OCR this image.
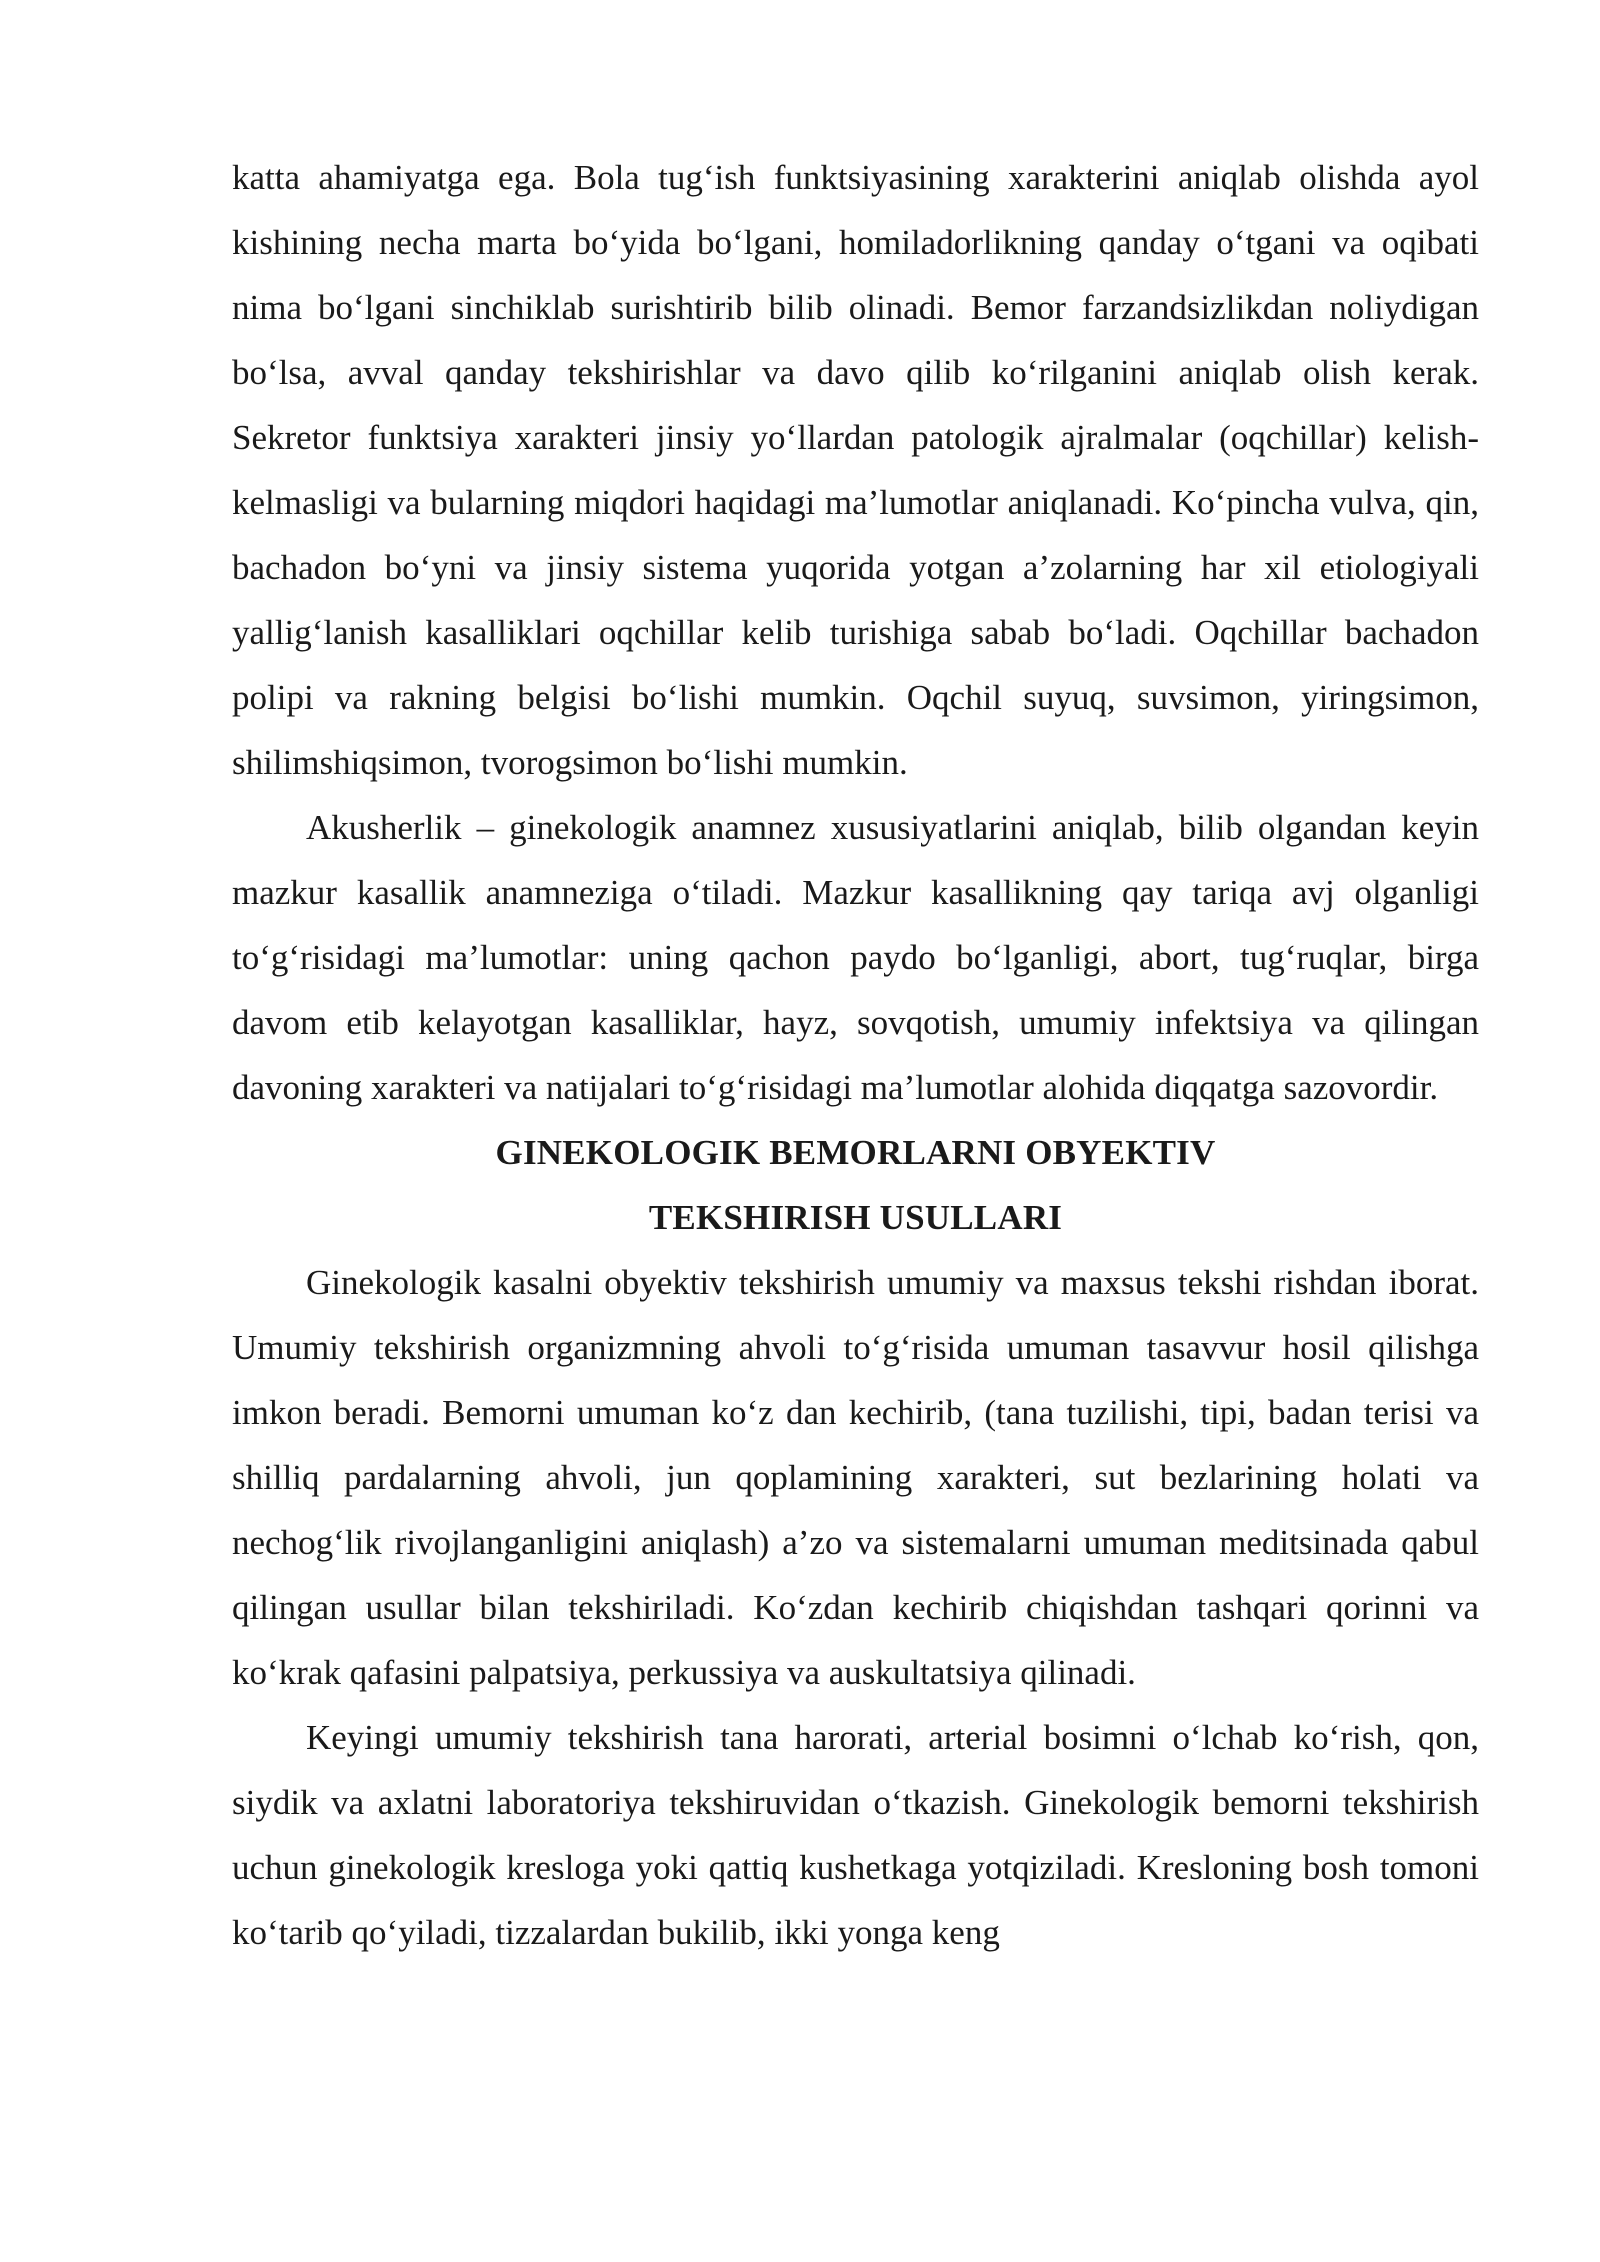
katta ahamiyatga ega. Bola tug‘ish funktsiyasining xarakterini aniqlab olishda ayol kishining necha marta bo‘yida bo‘lgani, homiladorlikning qanday o‘tgani va oqibati nima bo‘lgani sinchiklab surishtirib bilib olinadi. Bemor farzandsizlikdan noliydigan bo‘lsa, avval qanday tekshirishlar va davo qilib ko‘rilganini aniqlab olish kerak. Sekretor funktsiya xarakteri jinsiy yo‘llardan patologik ajralmalar (oqchillar) kelish-kelmasligi va bularning miqdori haqidagi ma’lumotlar aniqlanadi. Ko‘pincha vulva, qin, bachadon bo‘yni va jinsiy sistema yuqorida yotgan a’zolarning har xil etiologiyali yallig‘lanish kasalliklari oqchillar kelib turishiga sabab bo‘ladi. Oqchillar bachadon polipi va rakning belgisi bo‘lishi mumkin. Oqchil suyuq, suvsimon, yiringsimon, shilimshiqsimon, tvorogsimon bo‘lishi mumkin.

Akusherlik – ginekologik anamnez xususiyatlarini aniqlab, bilib olgandan keyin mazkur kasallik anamneziga o‘tiladi. Mazkur kasallikning qay tariqa avj olganligi to‘g‘risidagi ma’lumotlar: uning qachon paydo bo‘lganligi, abort, tug‘ruqlar, birga davom etib kelayotgan kasalliklar, hayz, sovqotish, umumiy infektsiya va qilingan davoning xarakteri va natijalari to‘g‘risidagi ma’lumotlar alohida diqqatga sazovordir.

GINEKOLOGIK BEMORLARNI OBYEKTIV
TEKSHIRISH USULLARI

Ginekologik kasalni obyektiv tekshirish umumiy va maxsus tekshi rishdan iborat. Umumiy tekshirish organizmning ahvoli to‘g‘risida umuman tasavvur hosil qilishga imkon beradi. Bemorni umuman ko‘z dan kechirib, (tana tuzilishi, tipi, badan terisi va shilliq pardalarning ahvoli, jun qoplamining xarakteri, sut bezlarining holati va nechog‘lik rivojlanganligini aniqlash) a’zo va sistemalarni umuman meditsinada qabul qilingan usullar bilan tekshiriladi. Ko‘zdan kechirib chiqishdan tashqari qorinni va ko‘krak qafasini palpatsiya, perkussiya va auskultatsiya qilinadi.

Keyingi umumiy tekshirish tana harorati, arterial bosimni o‘lchab ko‘rish, qon, siydik va axlatni laboratoriya tekshiruvidan o‘tkazish. Ginekologik bemorni tekshirish uchun ginekologik kresloga yoki qattiq kushetkaga yotqiziladi. Kresloning bosh tomoni ko‘tarib qo‘yiladi, tizzalardan bukilib, ikki yonga keng
